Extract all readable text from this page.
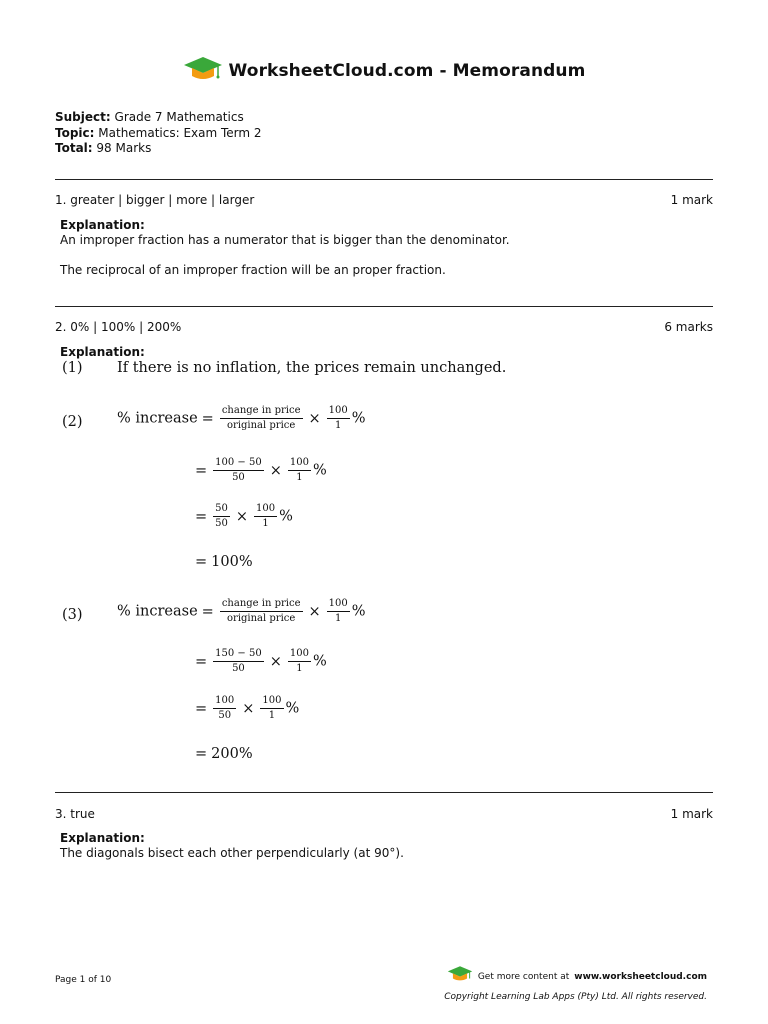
WorksheetCloud.com - Memorandum
Subject: Grade 7 Mathematics
Topic: Mathematics: Exam Term 2
Total: 98 Marks
1. greater | bigger | more | larger	1 mark
Explanation:
An improper fraction has a numerator that is bigger than the denominator.
The reciprocal of an improper fraction will be an proper fraction.
2. 0% | 100% | 200%	6 marks
Explanation:
(1) If there is no inflation, the prices remain unchanged.
(2) % increase = $\frac{\text{change in price}}{\text{original price}} \times \frac{100}{1}$ %
= $\frac{100 - 50}{50} \times \frac{100}{1}$ %
= $\frac{50}{50} \times \frac{100}{1}$ %
= 100%
(3) % increase = $\frac{\text{change in price}}{\text{original price}} \times \frac{100}{1}$ %
= $\frac{150 - 50}{50} \times \frac{100}{1}$ %
= $\frac{100}{50} \times \frac{100}{1}$ %
= 200%
3. true	1 mark
Explanation:
The diagonals bisect each other perpendicularly (at 90°).
Page 1 of 10	Get more content at www.worksheetcloud.com
Copyright Learning Lab Apps (Pty) Ltd. All rights reserved.
